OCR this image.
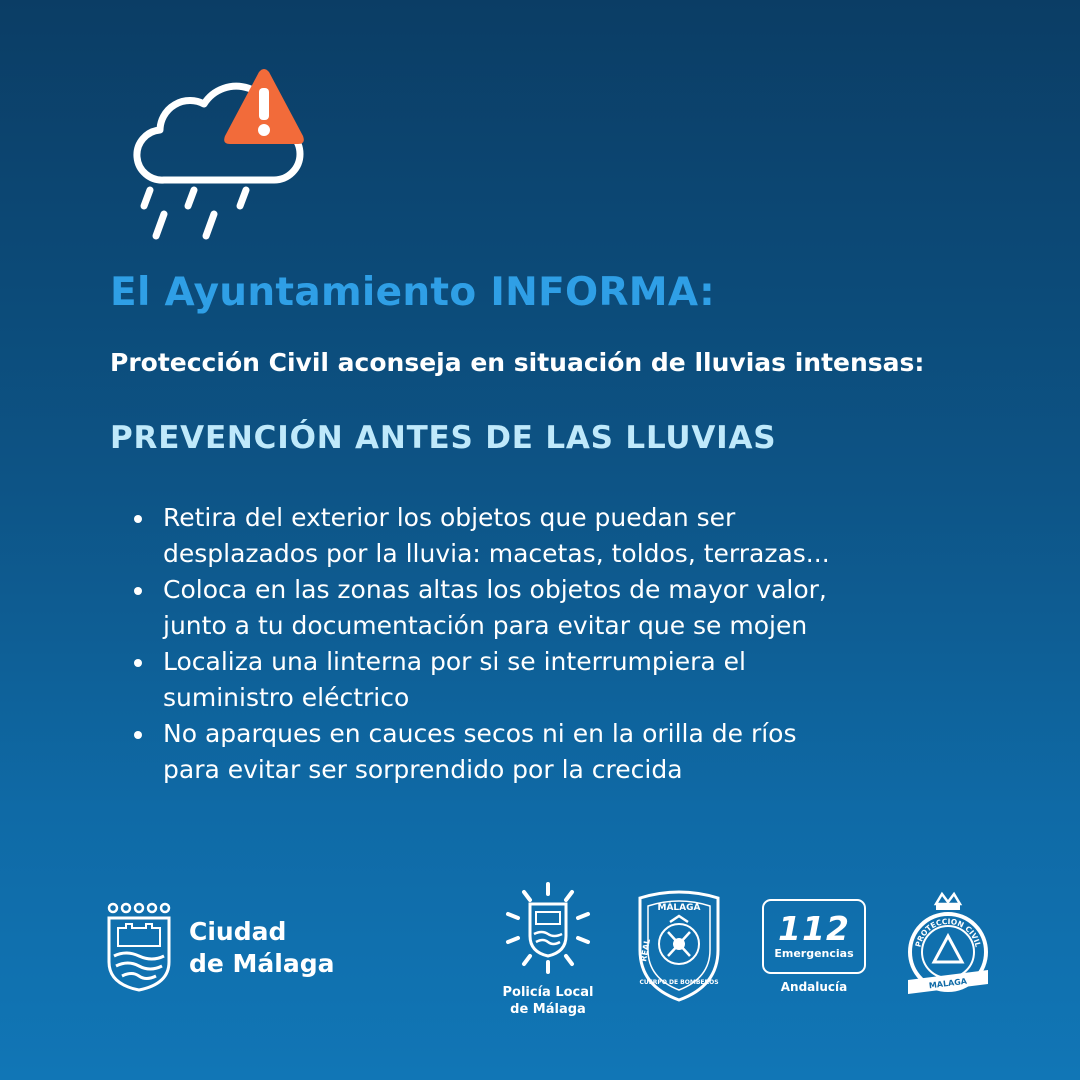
El Ayuntamiento INFORMA:
Protección Civil aconseja en situación de lluvias intensas:
PREVENCIÓN ANTES DE LAS LLUVIAS
Retira del exterior los objetos que puedan ser
desplazados por la lluvia: macetas, toldos, terrazas...
Coloca en las zonas altas los objetos de mayor valor,
junto a tu documentación para evitar que se mojen
Localiza una linterna por si se interrumpiera el
suministro eléctrico
No aparques en cauces secos ni en la orilla de ríos
para evitar ser sorprendido por la crecida
Ciudad
de Málaga
Policía Local
de Málaga
MÁLAGA
REAL
CUERPO DE BOMBEROS
112
Emergencias
Andalucía
PROTECCION CIVIL
MALAGA
